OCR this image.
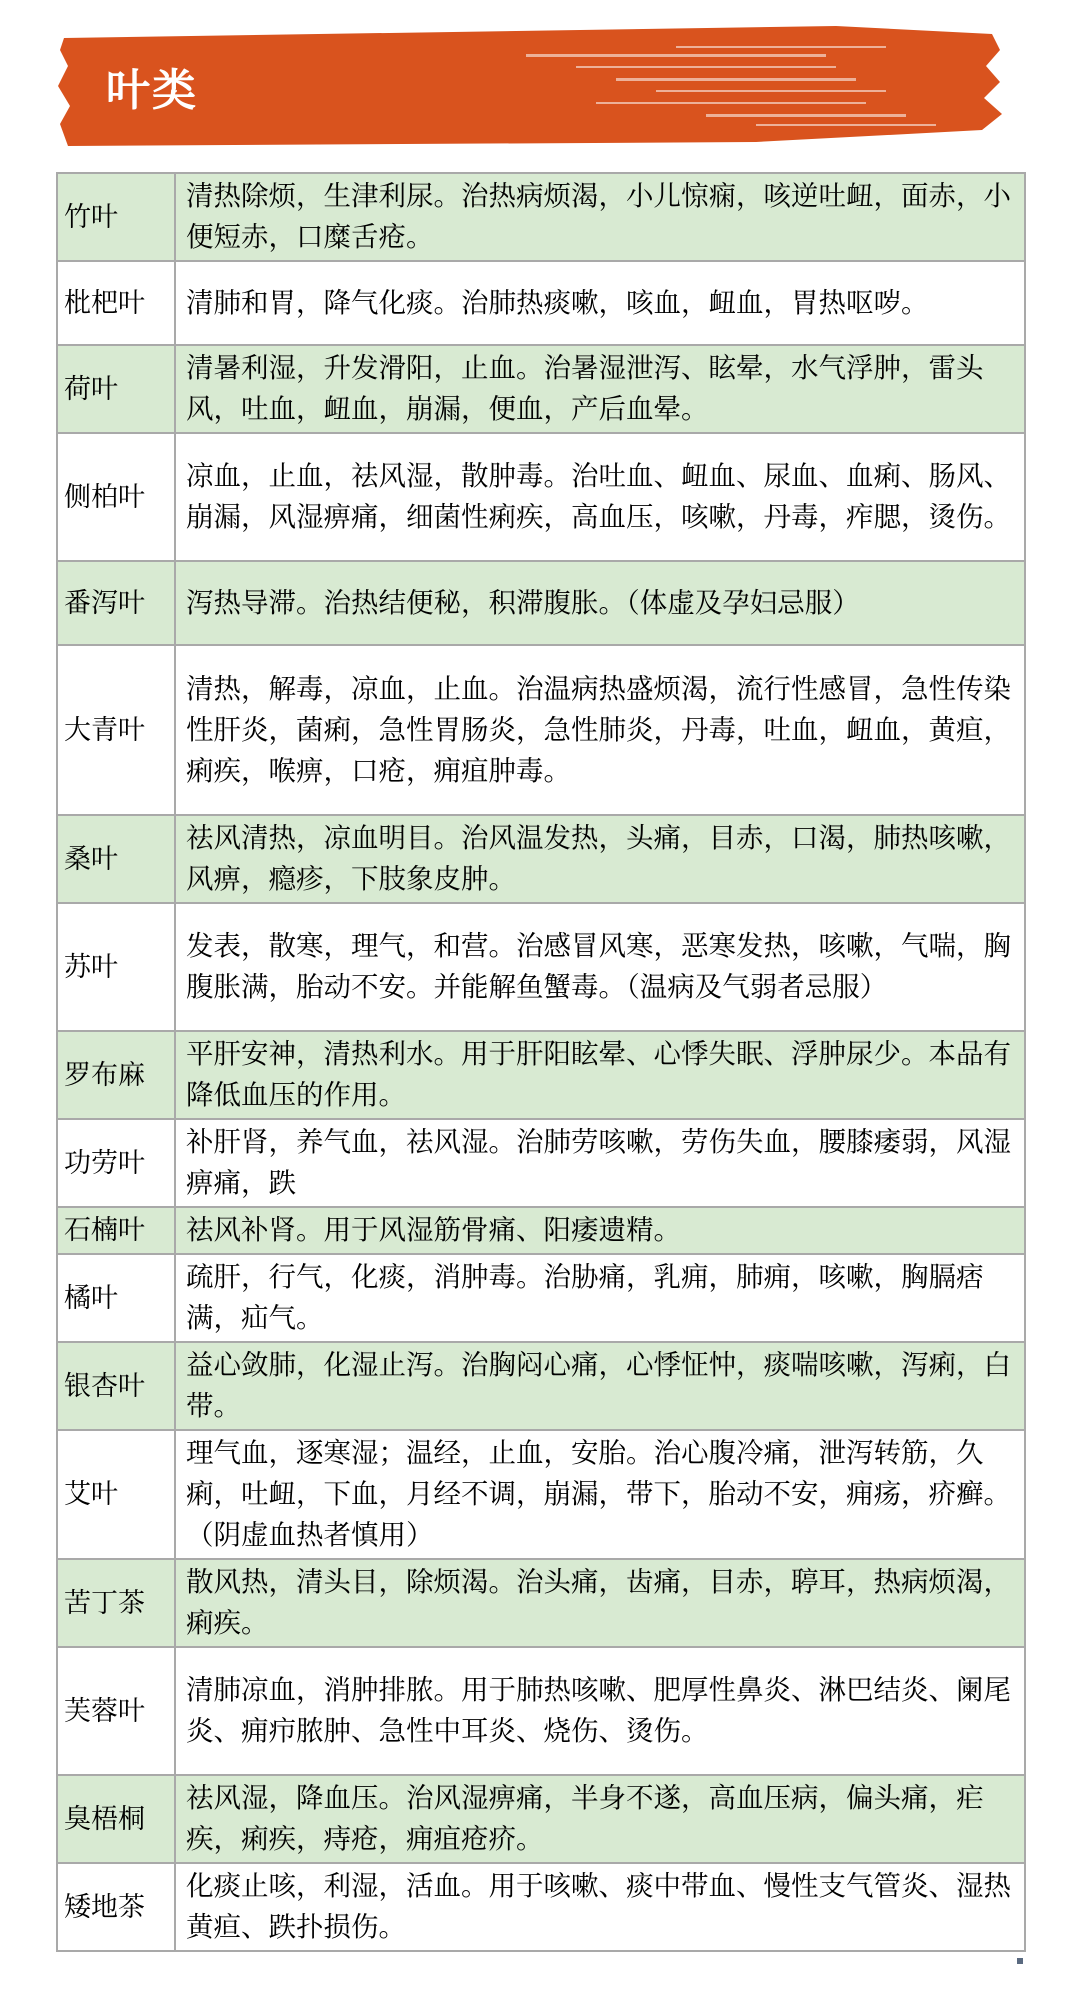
叶类
竹叶	清热除烦，生津利尿。治热病烦渴，小儿惊痫，咳逆吐衄，面赤，小便短赤，口糜舌疮。
枇杷叶	清肺和胃，降气化痰。治肺热痰嗽，咳血，衄血，胃热呕哕。
荷叶	清暑利湿，升发滑阳，止血。治暑湿泄泻、眩晕，水气浮肿，雷头风，吐血，衄血，崩漏，便血，产后血晕。
侧柏叶	凉血，止血，祛风湿，散肿毒。治吐血、衄血、尿血、血痢、肠风、崩漏，风湿痹痛，细菌性痢疾，高血压，咳嗽，丹毒，痄腮，烫伤。
番泻叶	泻热导滞。治热结便秘，积滞腹胀。（体虚及孕妇忌服）
大青叶	清热，解毒，凉血，止血。治温病热盛烦渴，流行性感冒，急性传染性肝炎，菌痢，急性胃肠炎，急性肺炎，丹毒，吐血，衄血，黄疸，痢疾，喉痹，口疮，痈疽肿毒。
桑叶	祛风清热，凉血明目。治风温发热，头痛，目赤，口渴，肺热咳嗽，风痹，瘾疹，下肢象皮肿。
苏叶	发表，散寒，理气，和营。治感冒风寒，恶寒发热，咳嗽，气喘，胸腹胀满，胎动不安。并能解鱼蟹毒。（温病及气弱者忌服）
罗布麻	平肝安神，清热利水。用于肝阳眩晕、心悸失眠、浮肿尿少。本品有降低血压的作用。
功劳叶	补肝肾，养气血，祛风湿。治肺劳咳嗽，劳伤失血，腰膝痿弱，风湿痹痛，跌
石楠叶	祛风补肾。用于风湿筋骨痛、阳痿遗精。
橘叶	疏肝，行气，化痰，消肿毒。治胁痛，乳痈，肺痈，咳嗽，胸膈痞满，疝气。
银杏叶	益心敛肺，化湿止泻。治胸闷心痛，心悸怔忡，痰喘咳嗽，泻痢，白带。
艾叶	理气血，逐寒湿；温经，止血，安胎。治心腹冷痛，泄泻转筋，久痢，吐衄，下血，月经不调，崩漏，带下，胎动不安，痈疡，疥癣。（阴虚血热者慎用）
苦丁茶	散风热，清头目，除烦渴。治头痛，齿痛，目赤，聤耳，热病烦渴，痢疾。
芙蓉叶	清肺凉血，消肿排脓。用于肺热咳嗽、肥厚性鼻炎、淋巴结炎、阑尾炎、痈疖脓肿、急性中耳炎、烧伤、烫伤。
臭梧桐	祛风湿，降血压。治风湿痹痛，半身不遂，高血压病，偏头痛，疟疾，痢疾，痔疮，痈疽疮疥。
矮地茶	化痰止咳，利湿，活血。用于咳嗽、痰中带血、慢性支气管炎、湿热黄疸、跌扑损伤。
